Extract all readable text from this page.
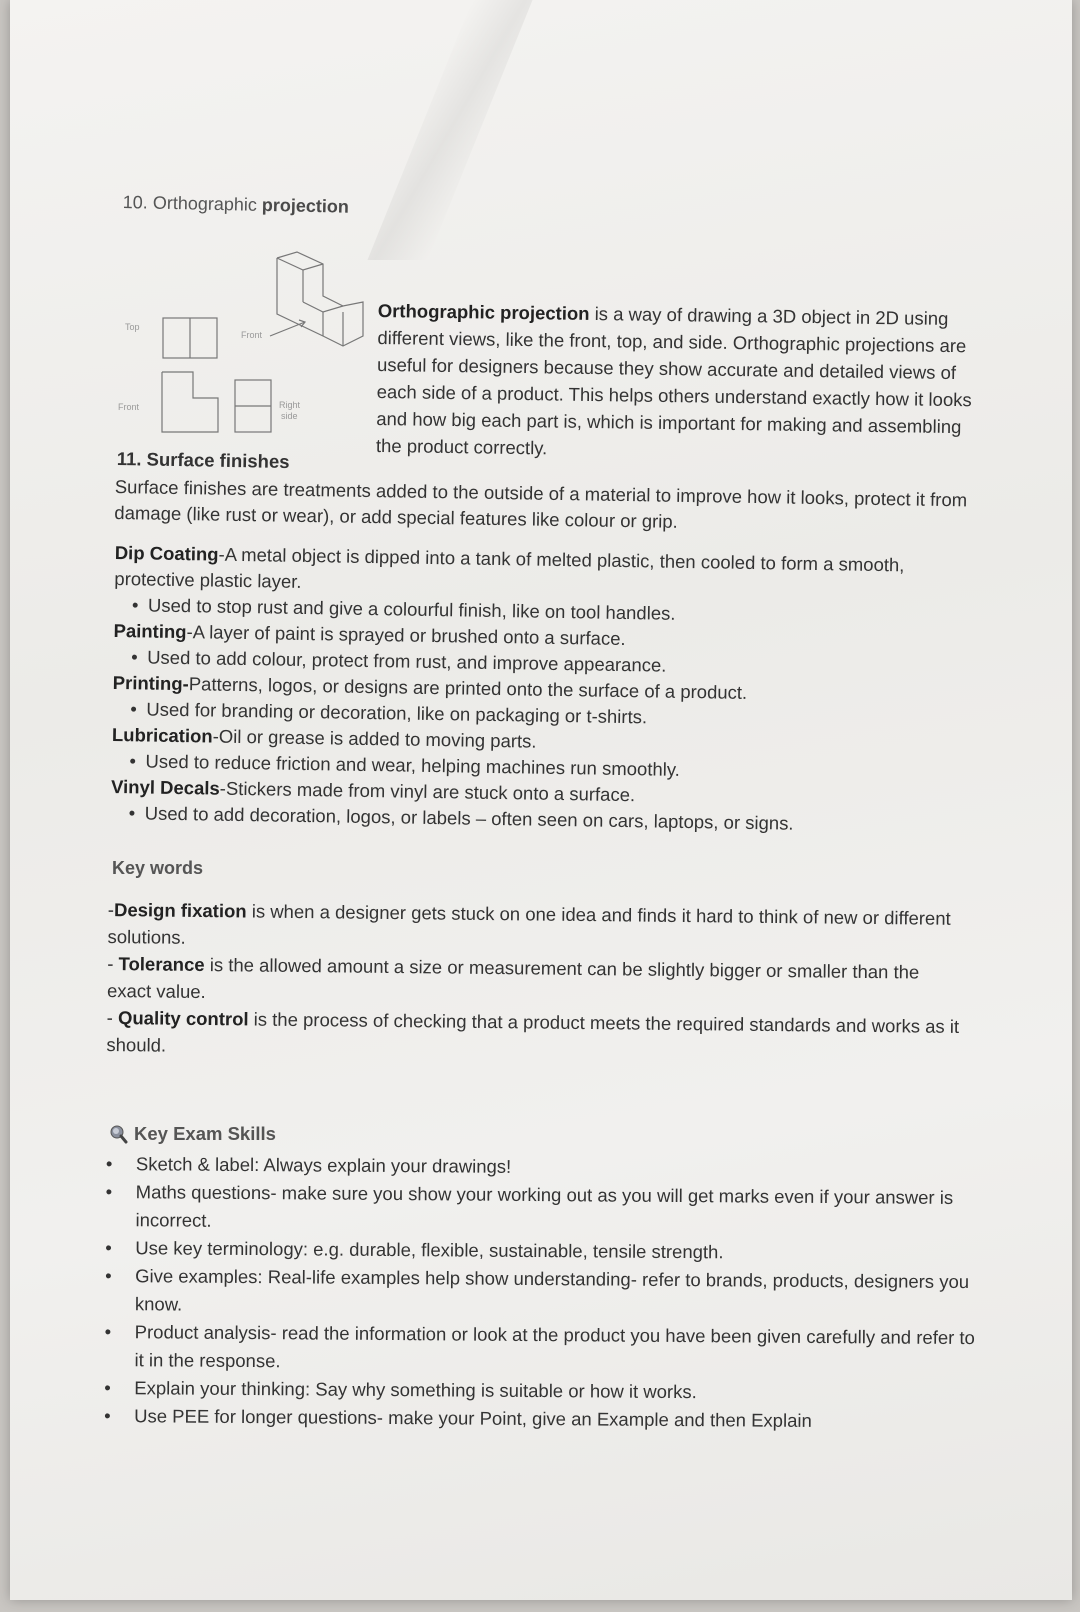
10. Orthographic projection
Top
Front
Front
Right
side

Orthographic projection is a way of drawing a 3D object in 2D using different views, like the front, top, and side. Orthographic projections are useful for designers because they show accurate and detailed views of each side of a product. This helps others understand exactly how it looks and how big each part is, which is important for making and assembling the product correctly.

11. Surface finishes

Surface finishes are treatments added to the outside of a material to improve how it looks, protect it from damage (like rust or wear), or add special features like colour or grip.

Dip Coating-A metal object is dipped into a tank of melted plastic, then cooled to form a smooth, protective plastic layer.

• Used to stop rust and give a colourful finish, like on tool handles.

Painting-A layer of paint is sprayed or brushed onto a surface.

• Used to add colour, protect from rust, and improve appearance.

Printing-Patterns, logos, or designs are printed onto the surface of a product.

• Used for branding or decoration, like on packaging or t-shirts.

Lubrication-Oil or grease is added to moving parts.

• Used to reduce friction and wear, helping machines run smoothly.

Vinyl Decals-Stickers made from vinyl are stuck onto a surface.

• Used to add decoration, logos, or labels – often seen on cars, laptops, or signs.

Key words

-Design fixation is when a designer gets stuck on one idea and finds it hard to think of new or different solutions.

- Tolerance is the allowed amount a size or measurement can be slightly bigger or smaller than the exact value.

- Quality control is the process of checking that a product meets the required standards and works as it should.

Key Exam Skills
• Sketch & label: Always explain your drawings!
• Maths questions- make sure you show your working out as you will get marks even if your answer is incorrect.
• Use key terminology: e.g. durable, flexible, sustainable, tensile strength.
• Give examples: Real-life examples help show understanding- refer to brands, products, designers you know.
• Product analysis- read the information or look at the product you have been given carefully and refer to it in the response.
• Explain your thinking: Say why something is suitable or how it works.
• Use PEE for longer questions- make your Point, give an Example and then Explain
